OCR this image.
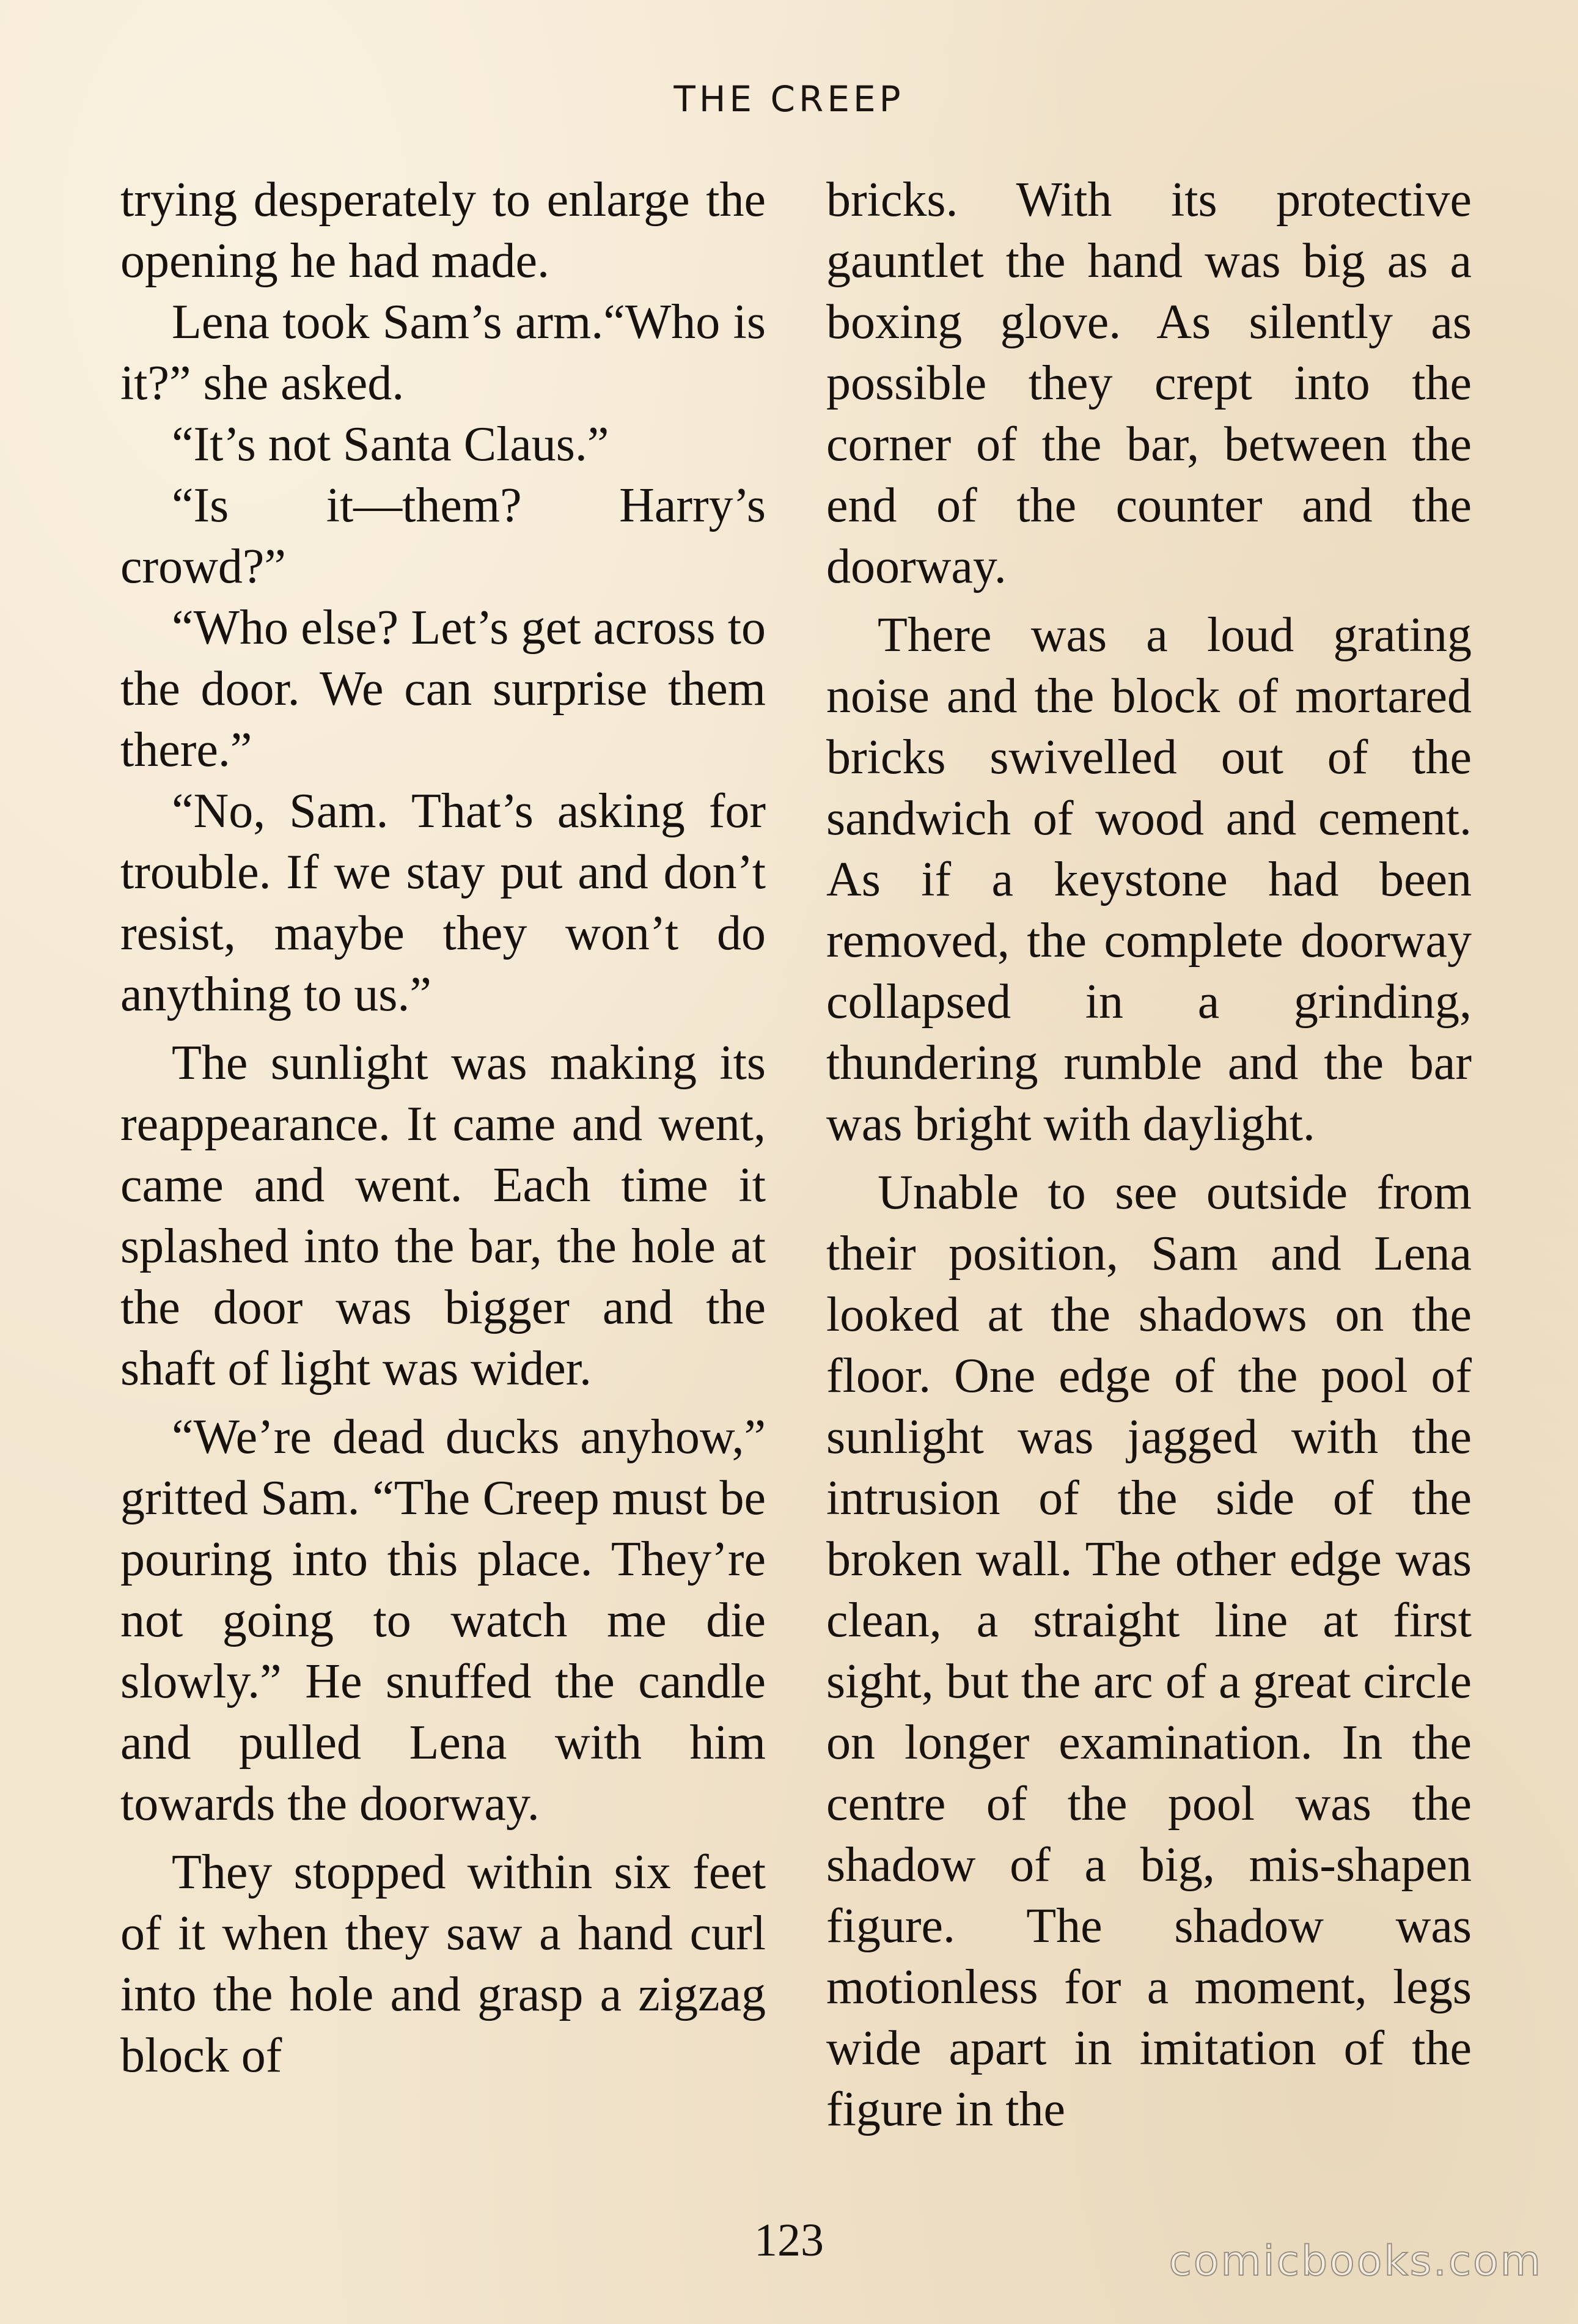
THE CREEP

trying desperately to enlarge the opening he had made.

Lena took Sam’s arm.“Who is it?” she asked.

“It’s not Santa Claus.”

“Is it—them? Harry’s crowd?”

“Who else? Let’s get across to the door. We can surprise them there.”

“No, Sam. That’s asking for trouble. If we stay put and don’t resist, maybe they won’t do anything to us.”

The sunlight was making its reappearance. It came and went, came and went. Each time it splashed into the bar, the hole at the door was bigger and the shaft of light was wider.

“We’re dead ducks anyhow,” gritted Sam. “The Creep must be pouring into this place. They’re not going to watch me die slowly.” He snuffed the candle and pulled Lena with him towards the doorway.

They stopped within six feet of it when they saw a hand curl into the hole and grasp a zigzag block of

bricks. With its protective gauntlet the hand was big as a boxing glove. As silently as possible they crept into the corner of the bar, between the end of the counter and the doorway.

There was a loud grating noise and the block of mortared bricks swivelled out of the sandwich of wood and cement. As if a keystone had been removed, the complete doorway collapsed in a grinding, thundering rumble and the bar was bright with daylight.

Unable to see outside from their position, Sam and Lena looked at the shadows on the floor. One edge of the pool of sunlight was jagged with the intrusion of the side of the broken wall. The other edge was clean, a straight line at first sight, but the arc of a great circle on longer examination. In the centre of the pool was the shadow of a big, mis-shapen figure. The shadow was motionless for a moment, legs wide apart in imitation of the figure in the

123	comicbooks.com
